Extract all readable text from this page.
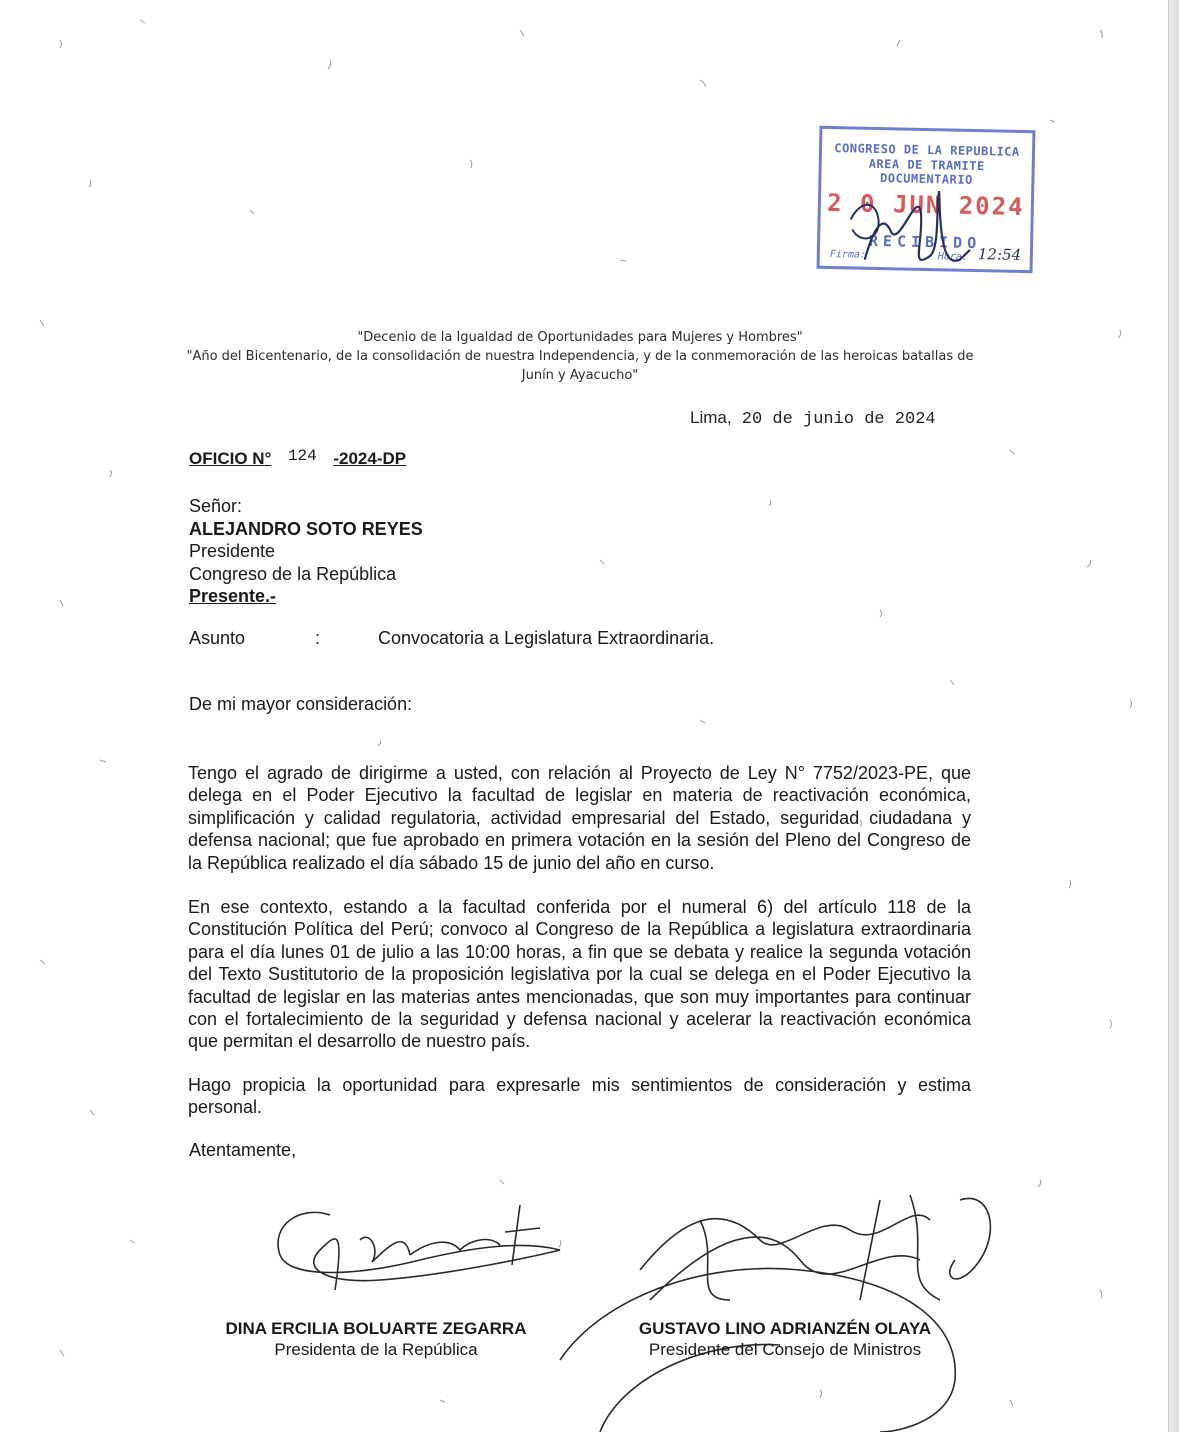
CONGRESO DE LA REPUBLICA
AREA DE TRAMITE DOCUMENTARIO
2 0 JUN 2024
RECIBIDO
Firma:	Hora: 12:54
"Decenio de la Igualdad de Oportunidades para Mujeres y Hombres"
"Año del Bicentenario, de la consolidación de nuestra Independencia, y de la conmemoración de las heroicas batallas de
Junín y Ayacucho"
Lima, 20 de junio de 2024
OFICIO N° 124 -2024-DP
Señor:
ALEJANDRO SOTO REYES
Presidente
Congreso de la República
Presente.-
Asunto	:	Convocatoria a Legislatura Extraordinaria.
De mi mayor consideración:
Tengo el agrado de dirigirme a usted, con relación al Proyecto de Ley N° 7752/2023-PE, que delega en el Poder Ejecutivo la facultad de legislar en materia de reactivación económica, simplificación y calidad regulatoria, actividad empresarial del Estado, seguridad ciudadana y defensa nacional; que fue aprobado en primera votación en la sesión del Pleno del Congreso de la República realizado el día sábado 15 de junio del año en curso.
En ese contexto, estando a la facultad conferida por el numeral 6) del artículo 118 de la Constitución Política del Perú; convoco al Congreso de la República a legislatura extraordinaria para el día lunes 01 de julio a las 10:00 horas, a fin que se debata y realice la segunda votación del Texto Sustitutorio de la proposición legislativa por la cual se delega en el Poder Ejecutivo la facultad de legislar en las materias antes mencionadas, que son muy importantes para continuar con el fortalecimiento de la seguridad y defensa nacional y acelerar la reactivación económica que permitan el desarrollo de nuestro país.
Hago propicia la oportunidad para expresarle mis sentimientos de consideración y estima personal.
Atentamente,
DINA ERCILIA BOLUARTE ZEGARRA
Presidenta de la República
GUSTAVO LINO ADRIANZÉN OLAYA
Presidente del Consejo de Ministros
